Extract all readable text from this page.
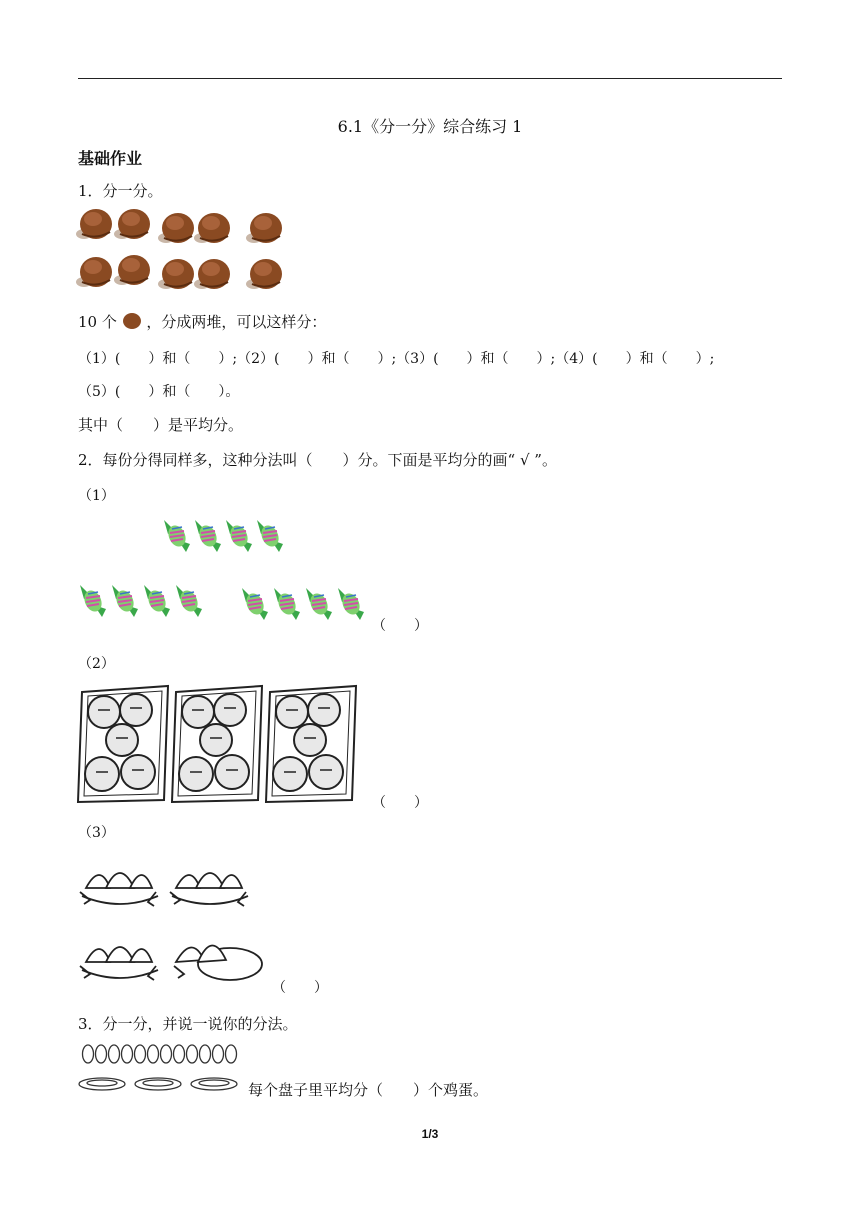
6.1《分一分》综合练习 1
基础作业
1．分一分。
10 个 ，分成两堆，可以这样分：
（1）(　　）和（　　）;（2）(　　）和（　　）;（3）(　　）和（　　）;（4）(　　）和（　　）;
（5）(　　）和（　　）。
其中（　　）是平均分。
2．每份分得同样多，这种分法叫（　　）分。下面是平均分的画“ √ ”。
（1）
（　　）
（2）
（　　）
（3）
（　　）
3．分一分，并说一说你的分法。
每个盘子里平均分（　　）个鸡蛋。
1/3
